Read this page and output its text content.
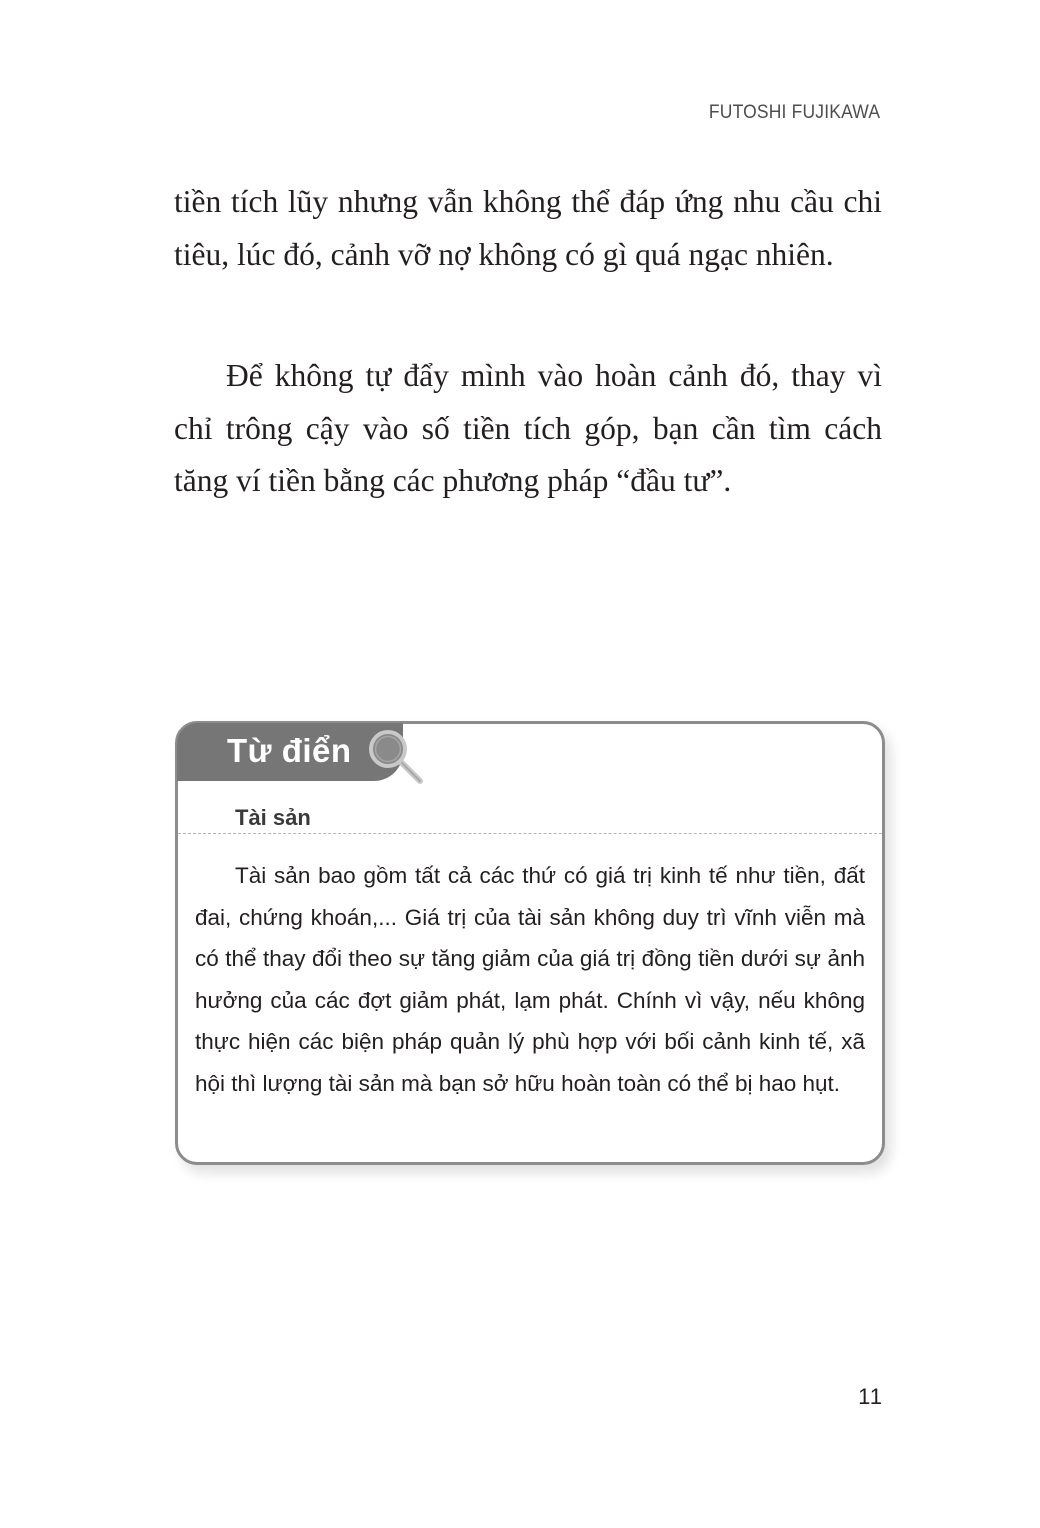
FUTOSHI FUJIKAWA

tiền tích lũy nhưng vẫn không thể đáp ứng nhu cầu chi tiêu, lúc đó, cảnh vỡ nợ không có gì quá ngạc nhiên.

Để không tự đẩy mình vào hoàn cảnh đó, thay vì chỉ trông cậy vào số tiền tích góp, bạn cần tìm cách tăng ví tiền bằng các phương pháp “đầu tư”.

Từ điển
Tài sản

Tài sản bao gồm tất cả các thứ có giá trị kinh tế như tiền, đất đai, chứng khoán,... Giá trị của tài sản không duy trì vĩnh viễn mà có thể thay đổi theo sự tăng giảm của giá trị đồng tiền dưới sự ảnh hưởng của các đợt giảm phát, lạm phát. Chính vì vậy, nếu không thực hiện các biện pháp quản lý phù hợp với bối cảnh kinh tế, xã hội thì lượng tài sản mà bạn sở hữu hoàn toàn có thể bị hao hụt.

11
